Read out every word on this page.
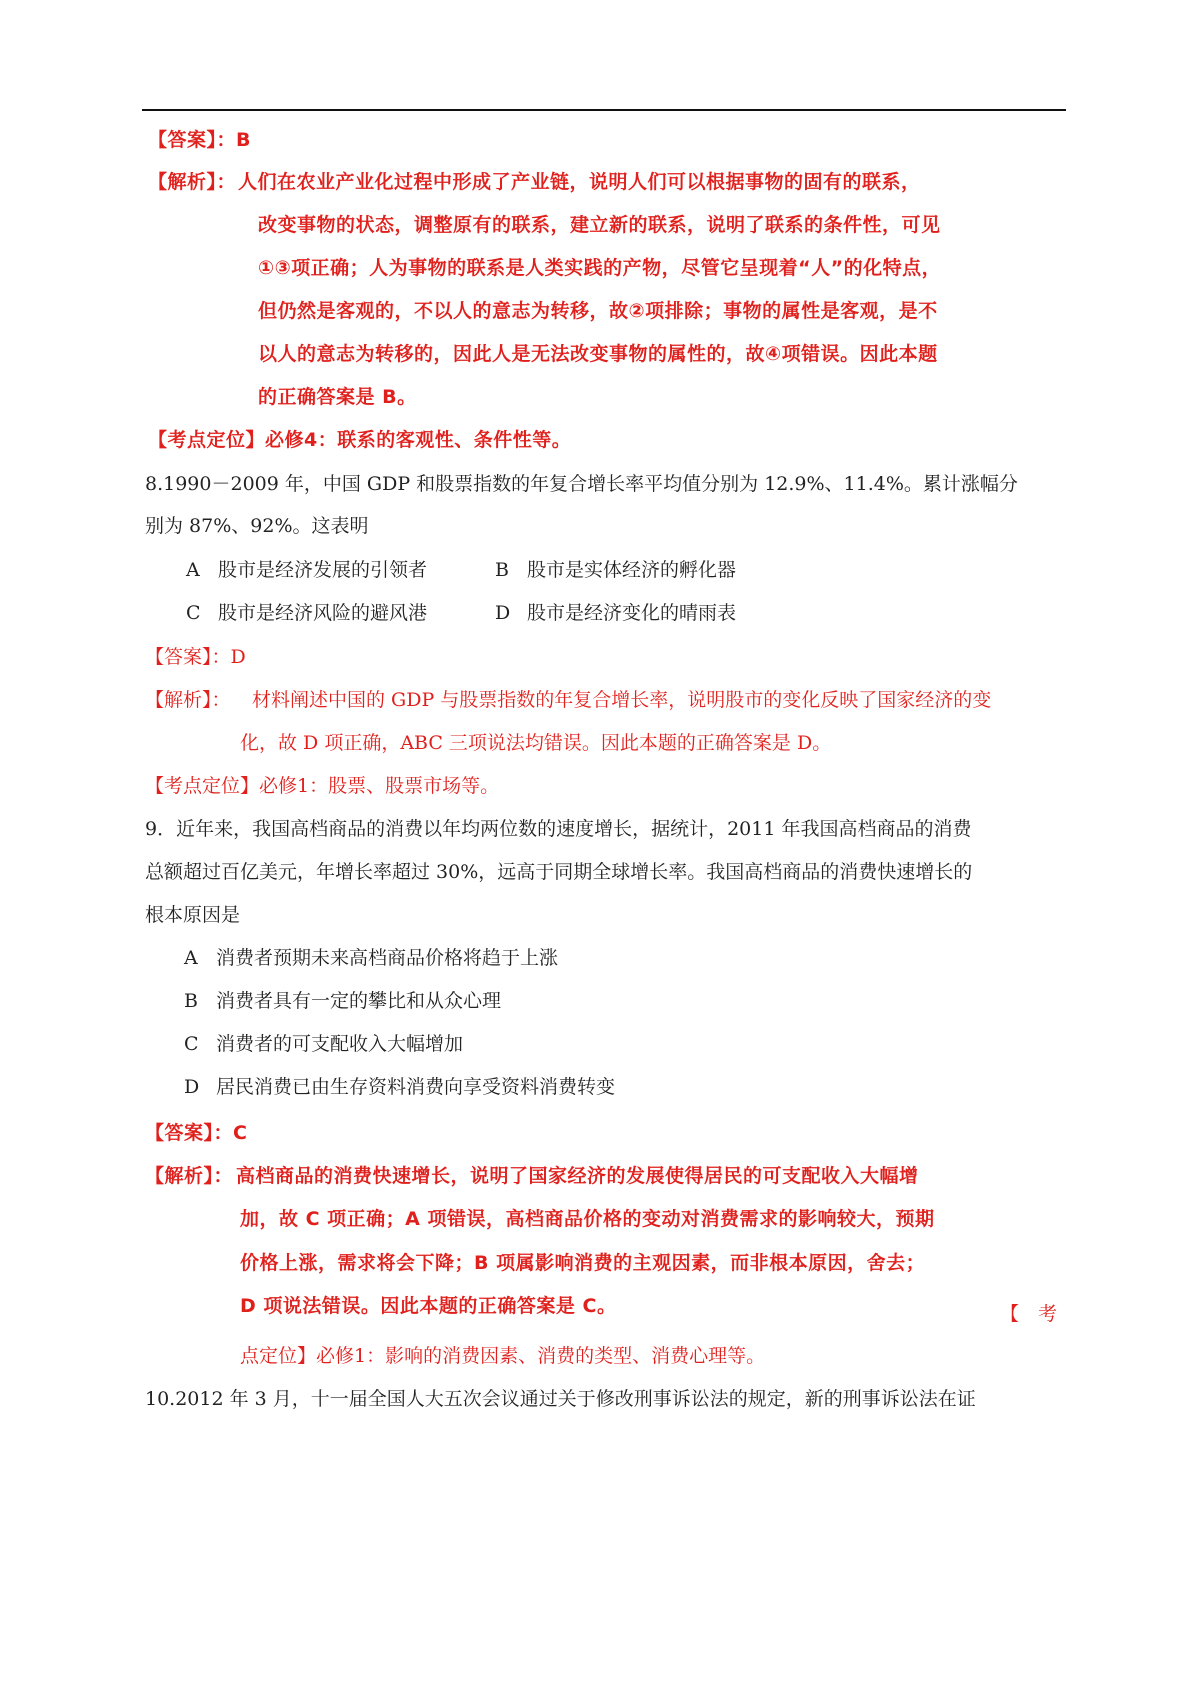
【答案】：B
【解析】： 人们在农业产业化过程中形成了产业链，说明人们可以根据事物的固有的联系，
改变事物的状态，调整原有的联系，建立新的联系，说明了联系的条件性，可见
①③项正确；人为事物的联系是人类实践的产物，尽管它呈现着“人”的化特点，
但仍然是客观的，不以人的意志为转移，故②项排除；事物的属性是客观，是不
以人的意志为转移的，因此人是无法改变事物的属性的，故④项错误。因此本题
的正确答案是 B。
【考点定位】必修4：联系的客观性、条件性等。
8.1990－2009 年，中国 GDP 和股票指数的年复合增长率平均值分别为 12.9%、11.4%。累计涨幅分
别为 87%、92%。这表明
A 股市是经济发展的引领者	B 股市是实体经济的孵化器
C 股市是经济风险的避风港	D 股市是经济变化的晴雨表
【答案】：D
【解析】： 材料阐述中国的 GDP 与股票指数的年复合增长率，说明股市的变化反映了国家经济的变
化，故 D 项正确，ABC 三项说法均错误。因此本题的正确答案是 D。
【考点定位】必修1：股票、股票市场等。
9．近年来，我国高档商品的消费以年均两位数的速度增长，据统计，2011 年我国高档商品的消费
总额超过百亿美元，年增长率超过 30%，远高于同期全球增长率。我国高档商品的消费快速增长的
根本原因是
A 消费者预期未来高档商品价格将趋于上涨
B 消费者具有一定的攀比和从众心理
C 消费者的可支配收入大幅增加
D 居民消费已由生存资料消费向享受资料消费转变
【答案】：C
【解析】： 高档商品的消费快速增长，说明了国家经济的发展使得居民的可支配收入大幅增
加，故 C 项正确；A 项错误，高档商品价格的变动对消费需求的影响较大，预期
价格上涨，需求将会下降；B 项属影响消费的主观因素，而非根本原因，舍去；
D 项说法错误。因此本题的正确答案是 C。	【　考
点定位】必修1：影响的消费因素、消费的类型、消费心理等。
10.2012 年 3 月，十一届全国人大五次会议通过关于修改刑事诉讼法的规定，新的刑事诉讼法在证
